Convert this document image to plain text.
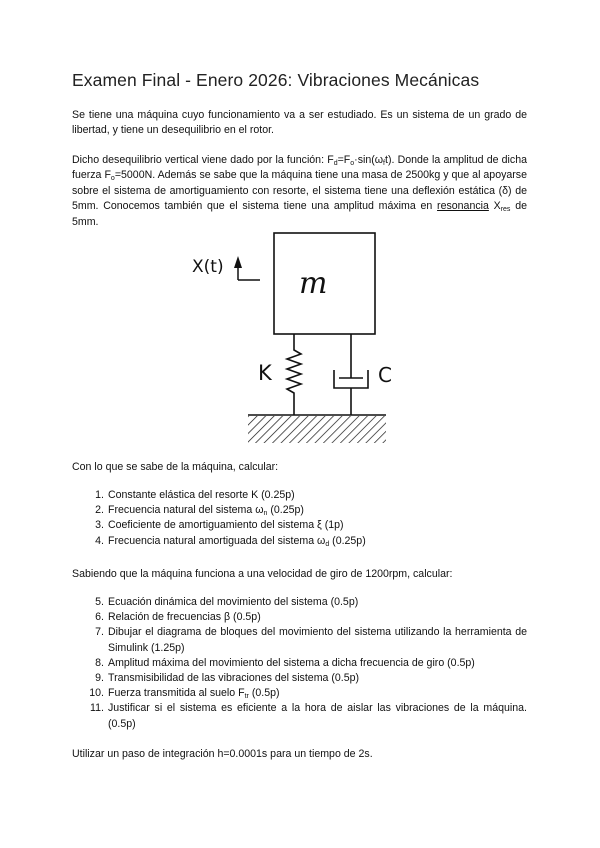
Examen Final - Enero 2026: Vibraciones Mecánicas

Se tiene una máquina cuyo funcionamiento va a ser estudiado. Es un sistema de un grado de libertad, y tiene un desequilibrio en el rotor.

Dicho desequilibrio vertical viene dado por la función: $F_d=F_o\cdot\sin(\omega_ft)$. Donde la amplitud de dicha fuerza $F_o=5000N$. Además se sabe que la máquina tiene una masa de 2500kg y que al apoyarse sobre el sistema de amortiguamiento con resorte, el sistema tiene una deflexión estática (δ) de 5mm. Conocemos también que el sistema tiene una amplitud máxima en resonancia $X_{res}$ de 5mm.

X(t)	m
K	C

Con lo que se sabe de la máquina, calcular:

1. Constante elástica del resorte K (0.25p)
2. Frecuencia natural del sistema $\omega_n$ (0.25p)
3. Coeficiente de amortiguamiento del sistema ξ (1p)
4. Frecuencia natural amortiguada del sistema $\omega_d$ (0.25p)

Sabiendo que la máquina funciona a una velocidad de giro de 1200rpm, calcular:

5. Ecuación dinámica del movimiento del sistema (0.5p)
6. Relación de frecuencias β (0.5p)
7. Dibujar el diagrama de bloques del movimiento del sistema utilizando la herramienta de Simulink (1.25p)
8. Amplitud máxima del movimiento del sistema a dicha frecuencia de giro (0.5p)
9. Transmisibilidad de las vibraciones del sistema (0.5p)
10. Fuerza transmitida al suelo $F_{tr}$ (0.5p)
11. Justificar si el sistema es eficiente a la hora de aislar las vibraciones de la máquina. (0.5p)

Utilizar un paso de integración h=0.0001s para un tiempo de 2s.
